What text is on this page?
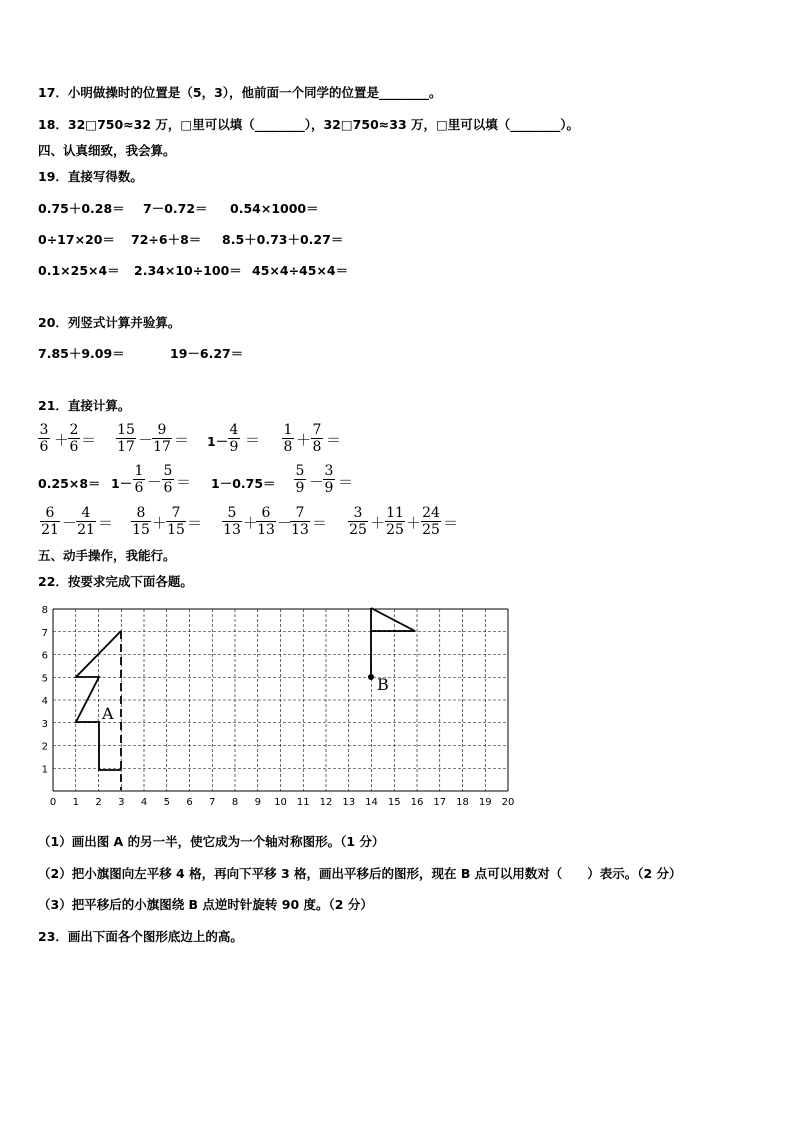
17．小明做操时的位置是（5，3），他前面一个同学的位置是________。
18．32□750≈32 万，□里可以填（________），32□750≈33 万，□里可以填（________）。
四、认真细致，我会算。
19．直接写得数。
0.75＋0.28＝ 7－0.72＝ 0.54×1000＝
0÷17×20＝ 72÷6＋8＝ 8.5＋0.73＋0.27＝
0.1×25×4＝ 2.34×10÷100＝ 45×4÷45×4＝
20．列竖式计算并验算。
7.85＋9.09＝	19－6.27＝
21．直接计算。
$\frac{3}{6}$ ＋
$\frac{2}{6} = \frac{15}{17}$ －
$\frac{9}{17} = 1- \frac{4}{9} = \frac{1}{8} + \frac{7}{8}$ ＝
$0.25\times 8= 1- \frac{1}{6} - \frac{5}{6} = 1-0.75= \frac{5}{9}$ －
$\frac{3}{9}$ ＝
$\frac{6}{21}$ －
$\frac{4}{21} = \frac{8}{15}$ ＋
$\frac{7}{15} = \frac{5}{13}$ ＋
$\frac{6}{13}$ －
$\frac{7}{13} = \frac{3}{25} + \frac{11}{25} + \frac{24}{25}$ ＝
五、动手操作，我能行。
22．按要求完成下面各题。
0 1 2 3 4 5 6 7 8 9 10 11 12 13 14 15 16 17 18 19 20
1
2
3
4
5
6
7
8
A
B
（1）画出图 A 的另一半，使它成为一个轴对称图形。（1 分）
（2）把小旗图向左平移 4 格，再向下平移 3 格，画出平移后的图形，现在 B 点可以用数对（　　）表示。（2 分）
（3）把平移后的小旗图绕 B 点逆时针旋转 90 度。（2 分）
23．画出下面各个图形底边上的高。
